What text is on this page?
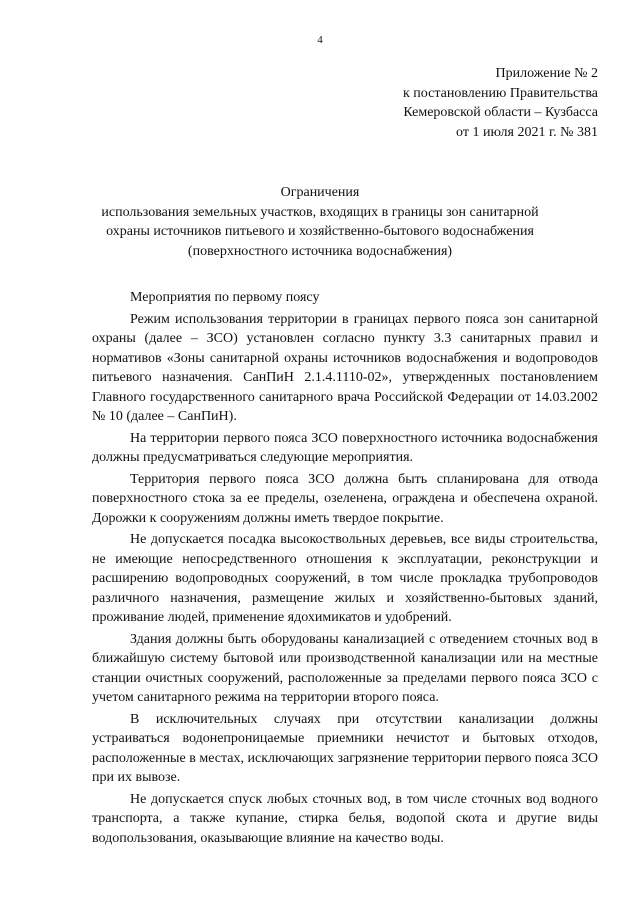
4
Приложение № 2
к постановлению Правительства
Кемеровской области – Кузбасса
от 1 июля 2021 г. № 381
Ограничения
использования земельных участков, входящих в границы зон санитарной
охраны источников питьевого и хозяйственно-бытового водоснабжения
(поверхностного источника водоснабжения)

Мероприятия по первому поясу

Режим использования территории в границах первого пояса зон санитарной охраны (далее – ЗСО) установлен согласно пункту 3.3 санитарных правил и нормативов «Зоны санитарной охраны источников водоснабжения и водопроводов питьевого назначения. СанПиН 2.1.4.1110-02», утвержденных постановлением Главного государственного санитарного врача Российской Федерации от 14.03.2002 № 10 (далее – СанПиН).

На территории первого пояса ЗСО поверхностного источника водоснабжения должны предусматриваться следующие мероприятия.

Территория первого пояса ЗСО должна быть спланирована для отвода поверхностного стока за ее пределы, озеленена, ограждена и обеспечена охраной. Дорожки к сооружениям должны иметь твердое покрытие.

Не допускается посадка высокоствольных деревьев, все виды строительства, не имеющие непосредственного отношения к эксплуатации, реконструкции и расширению водопроводных сооружений, в том числе прокладка трубопроводов различного назначения, размещение жилых и хозяйственно-бытовых зданий, проживание людей, применение ядохимикатов и удобрений.

Здания должны быть оборудованы канализацией с отведением сточных вод в ближайшую систему бытовой или производственной канализации или на местные станции очистных сооружений, расположенные за пределами первого пояса ЗСО с учетом санитарного режима на территории второго пояса.

В исключительных случаях при отсутствии канализации должны устраиваться водонепроницаемые приемники нечистот и бытовых отходов, расположенные в местах, исключающих загрязнение территории первого пояса ЗСО при их вывозе.

Не допускается спуск любых сточных вод, в том числе сточных вод водного транспорта, а также купание, стирка белья, водопой скота и другие виды водопользования, оказывающие влияние на качество воды.
